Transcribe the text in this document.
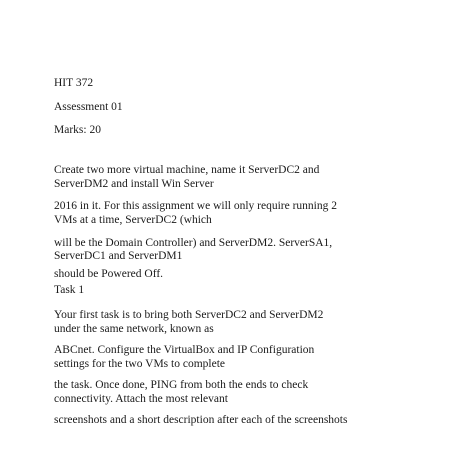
HIT 372

Assessment 01

Marks: 20

Create two more virtual machine, name it ServerDC2 and

ServerDM2 and install Win Server

2016 in it. For this assignment we will only require running 2

VMs at a time, ServerDC2 (which

will be the Domain Controller) and ServerDM2. ServerSA1,

ServerDC1 and ServerDM1

should be Powered Off.

Task 1

Your first task is to bring both ServerDC2 and ServerDM2

under the same network, known as

ABCnet. Configure the VirtualBox and IP Configuration

settings for the two VMs to complete

the task. Once done, PING from both the ends to check

connectivity. Attach the most relevant

screenshots and a short description after each of the screenshots
